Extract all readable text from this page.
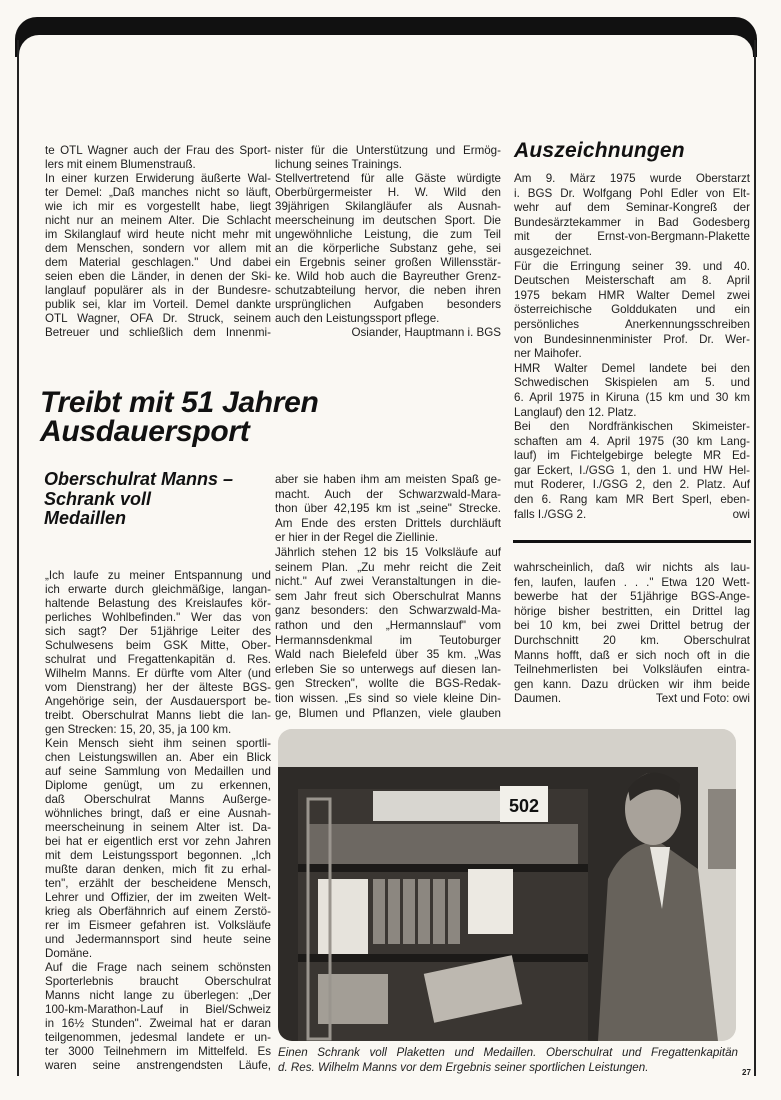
te OTL Wagner auch der Frau des Sport-
lers mit einem Blumenstrauß.
In einer kurzen Erwiderung äußerte Wal-
ter Demel: „Daß manches nicht so läuft,
wie ich mir es vorgestellt habe, liegt
nicht nur an meinem Alter. Die Schlacht
im Skilanglauf wird heute nicht mehr mit
dem Menschen, sondern vor allem mit
dem Material geschlagen." Und dabei
seien eben die Länder, in denen der Ski-
langlauf populärer als in der Bundesre-
publik sei, klar im Vorteil. Demel dankte
OTL Wagner, OFA Dr. Struck, seinem
Betreuer und schließlich dem Innenmi-
nister für die Unterstützung und Ermög-
lichung seines Trainings.
Stellvertretend für alle Gäste würdigte
Oberbürgermeister H. W. Wild den
39jährigen Skilangläufer als Ausnah-
meerscheinung im deutschen Sport. Die
ungewöhnliche Leistung, die zum Teil
an die körperliche Substanz gehe, sei
ein Ergebnis seiner großen Willensstär-
ke. Wild hob auch die Bayreuther Grenz-
schutzabteilung hervor, die neben ihren
ursprünglichen Aufgaben besonders
auch den Leistungssport pflege.
Osiander, Hauptmann i. BGS
Auszeichnungen
Am 9. März 1975 wurde Oberstarzt
i. BGS Dr. Wolfgang Pohl Edler von Elt-
wehr auf dem Seminar-Kongreß der
Bundesärztekammer in Bad Godesberg
mit der Ernst-von-Bergmann-Plakette
ausgezeichnet.
Für die Erringung seiner 39. und 40.
Deutschen Meisterschaft am 8. April
1975 bekam HMR Walter Demel zwei
österreichische Golddukaten und ein
persönliches Anerkennungsschreiben
von Bundesinnenminister Prof. Dr. Wer-
ner Maihofer.
HMR Walter Demel landete bei den
Schwedischen Skispielen am 5. und
6. April 1975 in Kiruna (15 km und 30 km
Langlauf) den 12. Platz.
Bei den Nordfränkischen Skimeister-
schaften am 4. April 1975 (30 km Lang-
lauf) im Fichtelgebirge belegte MR Ed-
gar Eckert, I./GSG 1, den 1. und HW Hel-
mut Roderer, I./GSG 2, den 2. Platz. Auf
den 6. Rang kam MR Bert Sperl, eben-
owi
falls I./GSG 2.
Treibt mit 51 Jahren
Ausdauersport
Oberschulrat Manns –
Schrank voll
Medaillen
„Ich laufe zu meiner Entspannung und
ich erwarte durch gleichmäßige, langan-
haltende Belastung des Kreislaufes kör-
perliches Wohlbefinden." Wer das von
sich sagt? Der 51jährige Leiter des
Schulwesens beim GSK Mitte, Ober-
schulrat und Fregattenkapitän d. Res.
Wilhelm Manns. Er dürfte vom Alter (und
vom Dienstrang) her der älteste BGS-
Angehörige sein, der Ausdauersport be-
treibt. Oberschulrat Manns liebt die lan-
gen Strecken: 15, 20, 35, ja 100 km.
Kein Mensch sieht ihm seinen sportli-
chen Leistungswillen an. Aber ein Blick
auf seine Sammlung von Medaillen und
Diplome genügt, um zu erkennen,
daß Oberschulrat Manns Außerge-
wöhnliches bringt, daß er eine Ausnah-
meerscheinung in seinem Alter ist. Da-
bei hat er eigentlich erst vor zehn Jahren
mit dem Leistungssport begonnen. „Ich
mußte daran denken, mich fit zu erhal-
ten", erzählt der bescheidene Mensch,
Lehrer und Offizier, der im zweiten Welt-
krieg als Oberfähnrich auf einem Zerstö-
rer im Eismeer gefahren ist. Volksläufe
und Jedermannsport sind heute seine
Domäne.
Auf die Frage nach seinem schönsten
Sporterlebnis braucht Oberschulrat
Manns nicht lange zu überlegen: „Der
100-km-Marathon-Lauf in Biel/Schweiz
in 16½ Stunden". Zweimal hat er daran
teilgenommen, jedesmal landete er un-
ter 3000 Teilnehmern im Mittelfeld. Es
waren seine anstrengendsten Läufe,
aber sie haben ihm am meisten Spaß ge-
macht. Auch der Schwarzwald-Mara-
thon über 42,195 km ist „seine" Strecke.
Am Ende des ersten Drittels durchläuft
er hier in der Regel die Ziellinie.
Jährlich stehen 12 bis 15 Volksläufe auf
seinem Plan. „Zu mehr reicht die Zeit
nicht." Auf zwei Veranstaltungen in die-
sem Jahr freut sich Oberschulrat Manns
ganz besonders: den Schwarzwald-Ma-
rathon und den „Hermannslauf" vom
Hermannsdenkmal im Teutoburger
Wald nach Bielefeld über 35 km. „Was
erleben Sie so unterwegs auf diesen lan-
gen Strecken", wollte die BGS-Redak-
tion wissen. „Es sind so viele kleine Din-
ge, Blumen und Pflanzen, viele glauben
wahrscheinlich, daß wir nichts als lau-
fen, laufen, laufen . . ." Etwa 120 Wett-
bewerbe hat der 51jährige BGS-Ange-
hörige bisher bestritten, ein Drittel lag
bei 10 km, bei zwei Drittel betrug der
Durchschnitt 20 km. Oberschulrat
Manns hofft, daß er sich noch oft in die
Teilnehmerlisten bei Volksläufen eintra-
gen kann. Dazu drücken wir ihm beide
Text und Foto: owi
Daumen.
502
Einen Schrank voll Plaketten und Medaillen. Oberschulrat und Fregattenkapitän
d. Res. Wilhelm Manns vor dem Ergebnis seiner sportlichen Leistungen.	27
